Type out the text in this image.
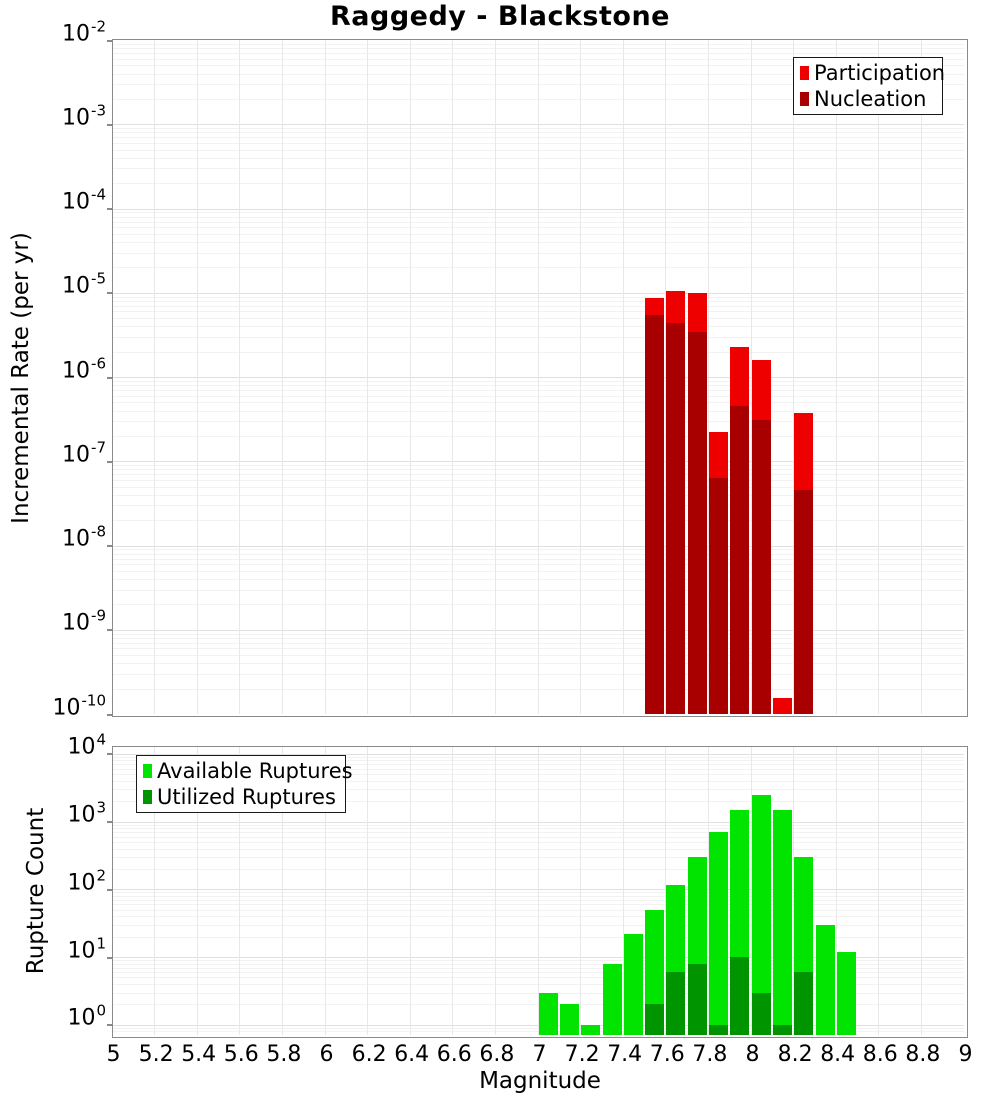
Raggedy - Blackstone
Incremental Rate (per yr)
Rupture Count
Magnitude
Participation
Nucleation
Available Ruptures
Utilized Ruptures
$10^{-10}$
$10^{-9}$
$10^{-8}$
$10^{-7}$
$10^{-6}$
$10^{-5}$
$10^{-4}$
$10^{-3}$
$10^{-2}$
$10^0$
$10^1$
$10^2$
$10^3$
$10^4$
5 5.2 5.4 5.6 5.8 6 6.2 6.4 6.6 6.8 7 7.2 7.4 7.6 7.8 8 8.2 8.4 8.6 8.8 9
